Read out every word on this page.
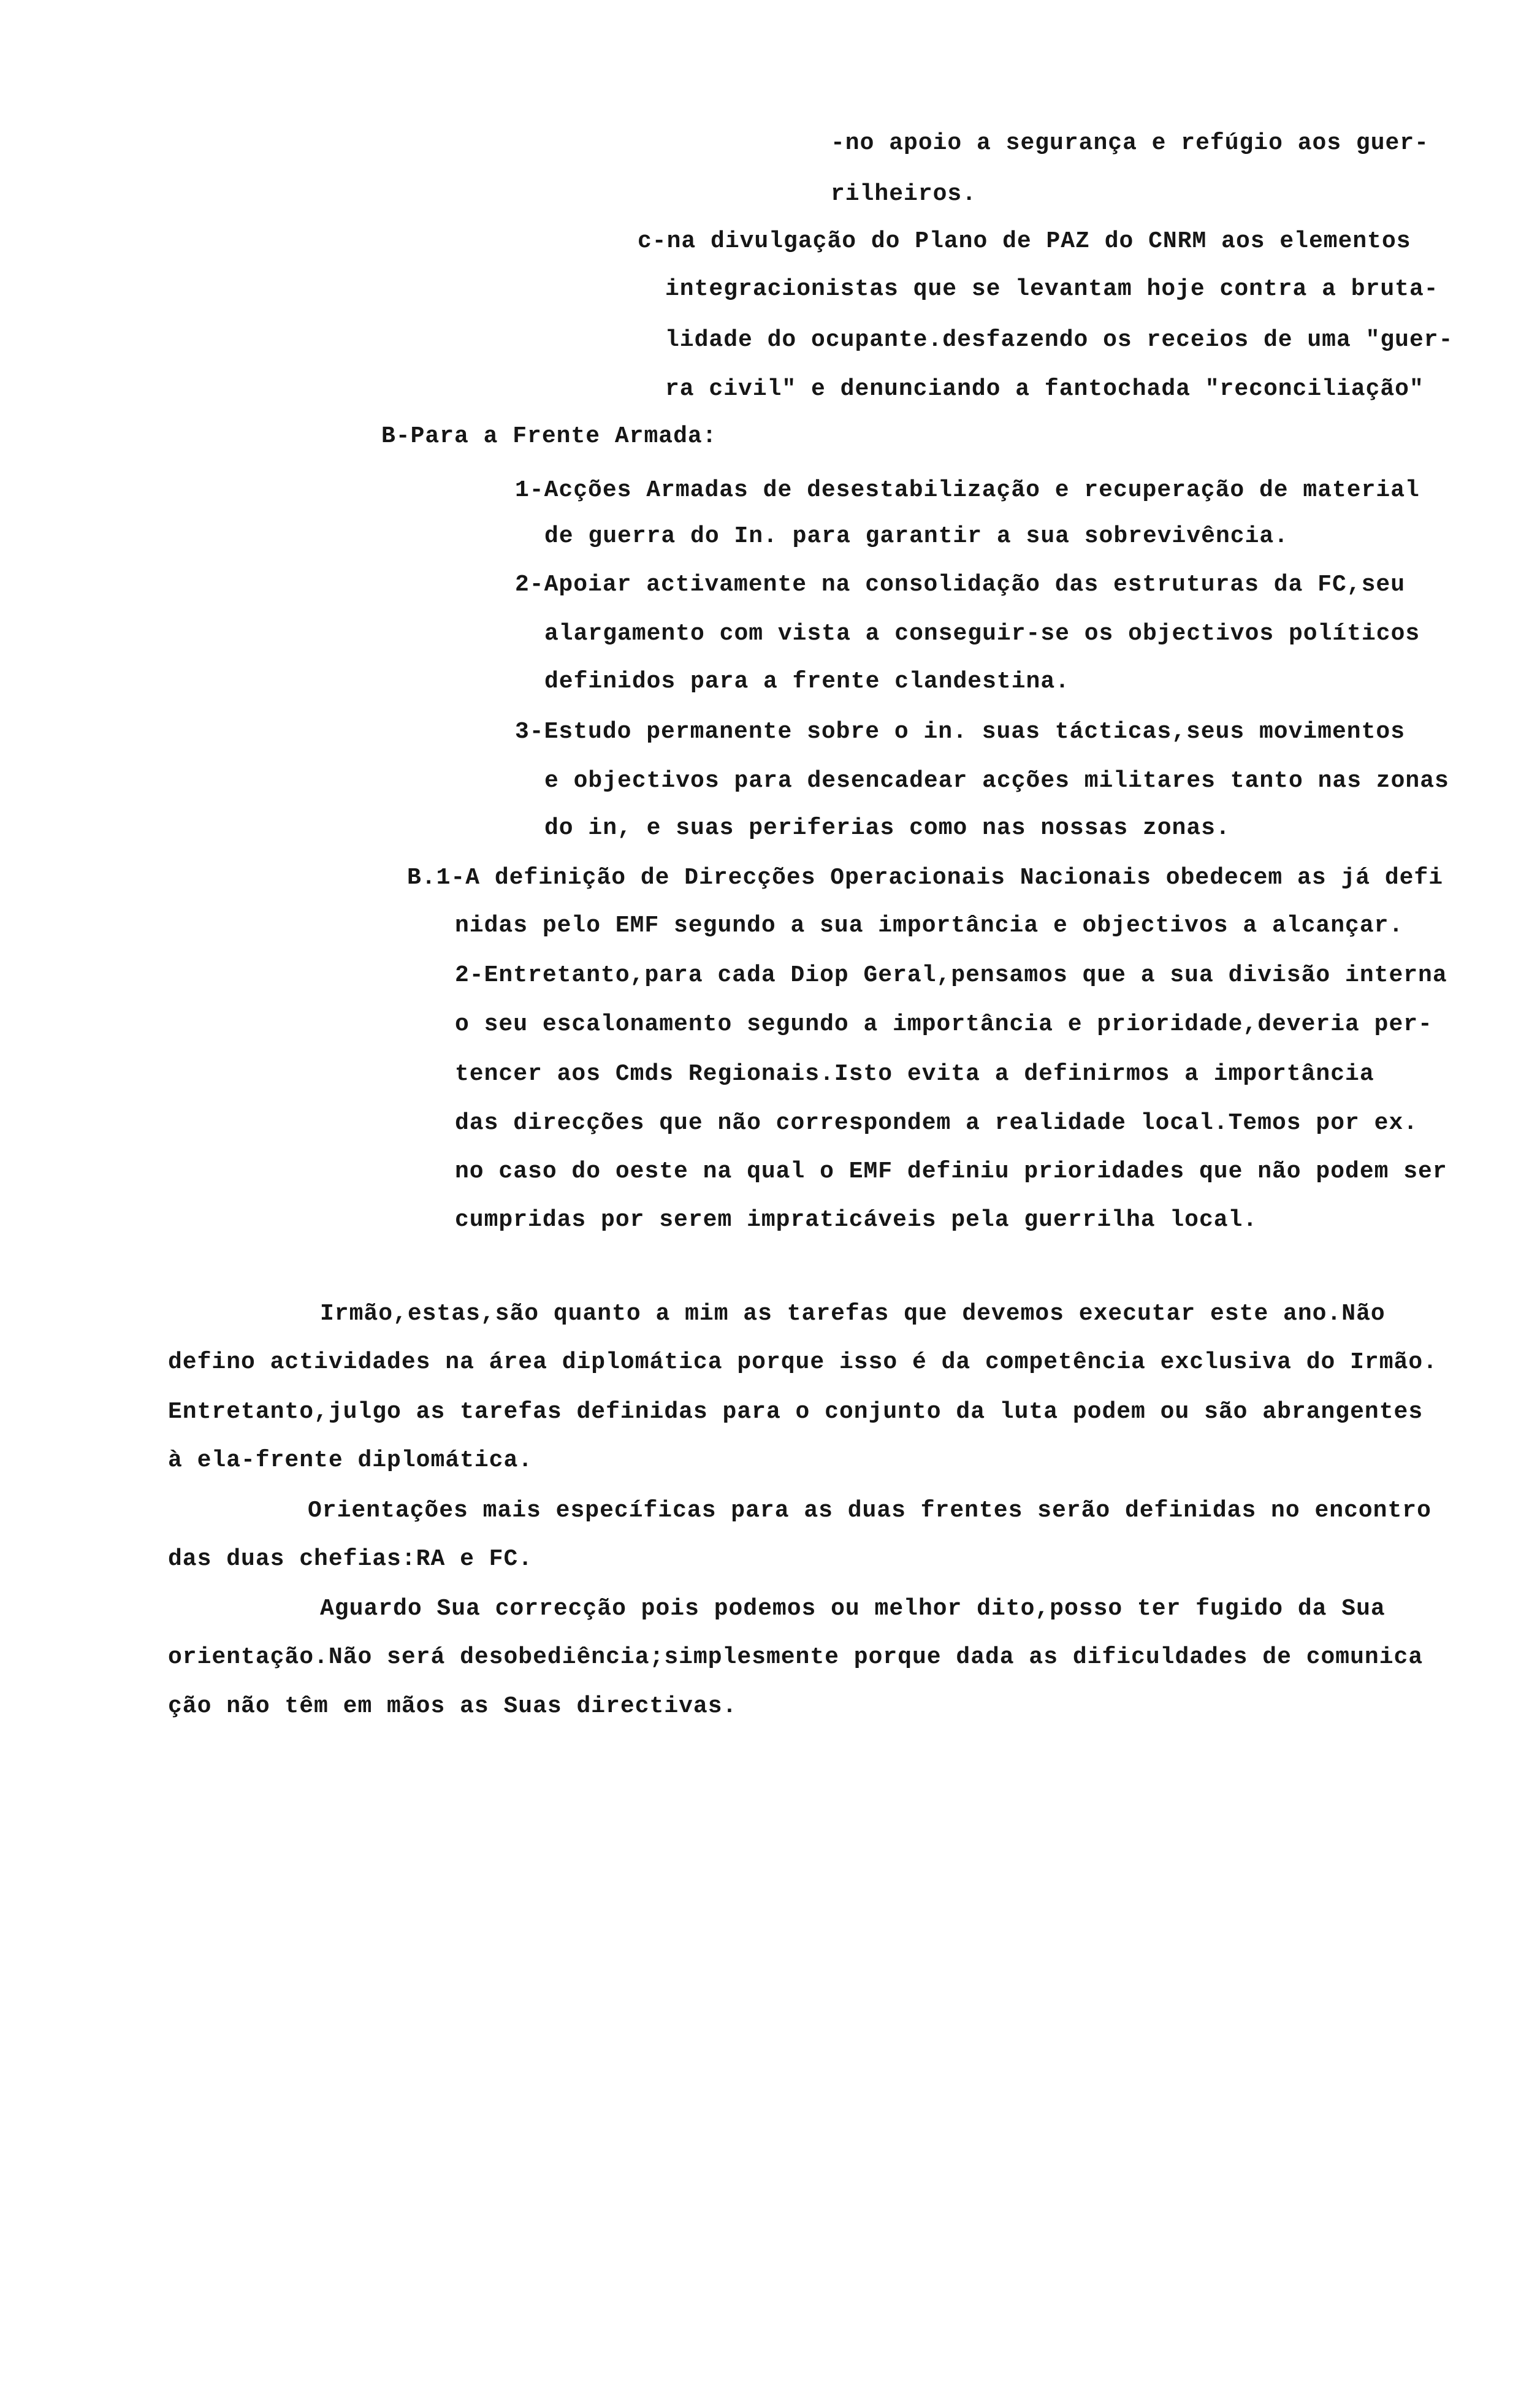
-no apoio a segurança e refúgio aos guer-

rilheiros.

c-na divulgação do Plano de PAZ do CNRM aos elementos

integracionistas que se levantam hoje contra a bruta-

lidade do ocupante.desfazendo os receios de uma "guer-

ra civil" e denunciando a fantochada "reconciliação"

B-Para a Frente Armada:

1-Acções Armadas de desestabilização e recuperação de material

de guerra do In. para garantir a sua sobrevivência.

2-Apoiar activamente na consolidação das estruturas da FC,seu

alargamento com vista a conseguir-se os objectivos políticos

definidos para a frente clandestina.

3-Estudo permanente sobre o in. suas tácticas,seus movimentos

e objectivos para desencadear acções militares tanto nas zonas

do in, e suas periferias como nas nossas zonas.

B.1-A definição de Direcções Operacionais Nacionais obedecem as já defi

nidas pelo EMF segundo a sua importância e objectivos a alcançar.

2-Entretanto,para cada Diop Geral,pensamos que a sua divisão interna

o seu escalonamento segundo a importância e prioridade,deveria per-

tencer aos Cmds Regionais.Isto evita a definirmos a importância

das direcções que não correspondem a realidade local.Temos por ex.

no caso do oeste na qual o EMF definiu prioridades que não podem ser

cumpridas por serem impraticáveis pela guerrilha local.

Irmão,estas,são quanto a mim as tarefas que devemos executar este ano.Não

defino actividades na área diplomática porque isso é da competência exclusiva do Irmão.

Entretanto,julgo as tarefas definidas para o conjunto da luta podem ou são abrangentes

à ela-frente diplomática.

Orientações mais específicas para as duas frentes serão definidas no encontro

das duas chefias:RA e FC.

Aguardo Sua correcção pois podemos ou melhor dito,posso ter fugido da Sua

orientação.Não será desobediência;simplesmente porque dada as dificuldades de comunica

ção não têm em mãos as Suas directivas.
